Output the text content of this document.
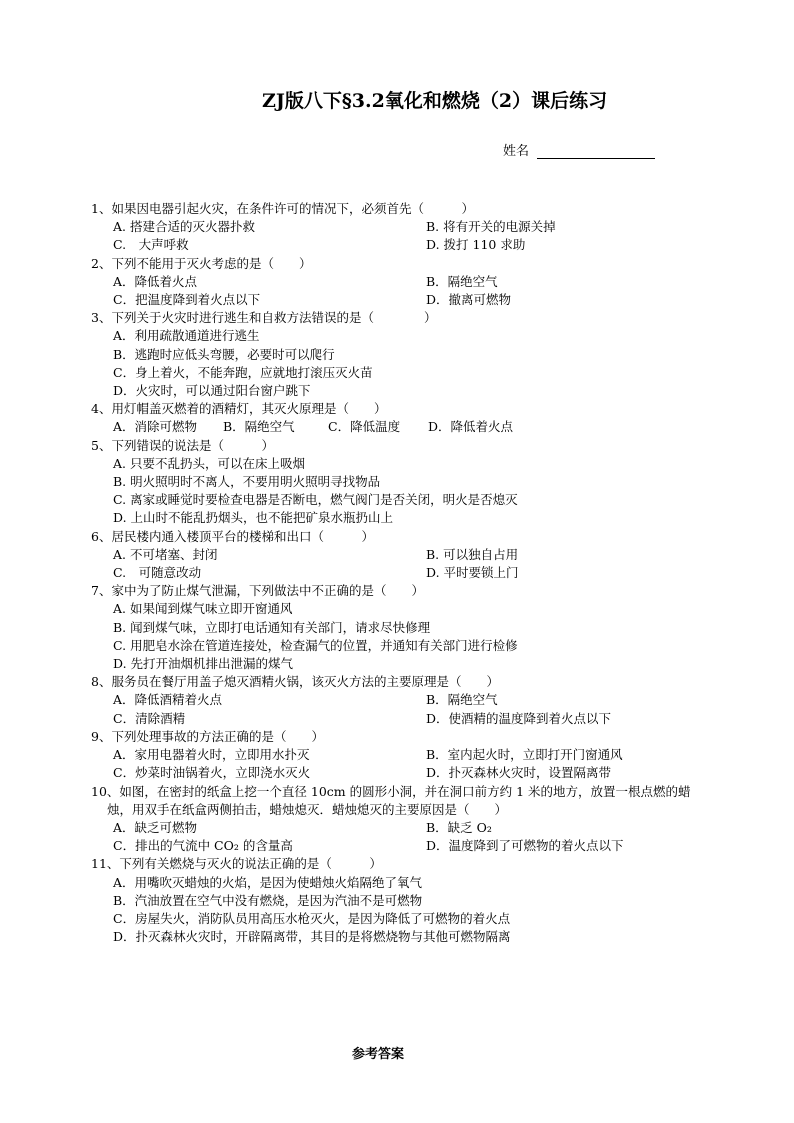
ZJ版八下§3.2氧化和燃烧（2）课后练习
姓名
1、如果因电器引起火灾，在条件许可的情况下，必须首先（　　　）
A. 搭建合适的灭火器扑救	B. 将有开关的电源关掉
C.　大声呼救	D. 拨打 110 求助
2、下列不能用于灭火考虑的是（　　）
A．降低着火点	B．隔绝空气
C．把温度降到着火点以下	D．撤离可燃物
3、下列关于火灾时进行逃生和自救方法错误的是（　　　　）
A．利用疏散通道进行逃生
B．逃跑时应低头弯腰，必要时可以爬行
C．身上着火，不能奔跑，应就地打滚压灭火苗
D．火灾时，可以通过阳台窗户跳下
4、用灯帽盖灭燃着的酒精灯，其灭火原理是（　　）
A．消除可燃物	B．隔绝空气	C．降低温度	D．降低着火点
5、下列错误的说法是（　　　）
A. 只要不乱扔头，可以在床上吸烟
B. 明火照明时不离人，不要用明火照明寻找物品
C. 离家或睡觉时要检查电器是否断电，燃气阀门是否关闭，明火是否熄灭
D. 上山时不能乱扔烟头，也不能把矿泉水瓶扔山上
6、居民楼内通入楼顶平台的楼梯和出口（　　　）
A. 不可堵塞、封闭	B. 可以独自占用
C.　可随意改动	D. 平时要锁上门
7、家中为了防止煤气泄漏，下列做法中不正确的是（　　）
A. 如果闻到煤气味立即开窗通风
B. 闻到煤气味，立即打电话通知有关部门，请求尽快修理
C. 用肥皂水涂在管道连接处，检查漏气的位置，并通知有关部门进行检修
D. 先打开油烟机排出泄漏的煤气
8、服务员在餐厅用盖子熄灭酒精火锅，该灭火方法的主要原理是（　　）
A．降低酒精着火点	B．隔绝空气
C．清除酒精	D．使酒精的温度降到着火点以下
9、下列处理事故的方法正确的是（　　）
A．家用电器着火时，立即用水扑灭	B．室内起火时，立即打开门窗通风
C．炒菜时油锅着火，立即浇水灭火	D．扑灭森林火灾时，设置隔离带
10、如图，在密封的纸盒上挖一个直径 10cm 的圆形小洞，并在洞口前方约 1 米的地方，放置一根点燃的蜡烛，用双手在纸盒两侧拍击，蜡烛熄灭．蜡烛熄灭的主要原因是（　　）
A．缺乏可燃物	B．缺乏 O₂
C．排出的气流中 CO₂ 的含量高	D．温度降到了可燃物的着火点以下
11、下列有关燃烧与灭火的说法正确的是（　　　）
A．用嘴吹灭蜡烛的火焰，是因为使蜡烛火焰隔绝了氧气
B．汽油放置在空气中没有燃烧，是因为汽油不是可燃物
C．房屋失火，消防队员用高压水枪灭火，是因为降低了可燃物的着火点
D．扑灭森林火灾时，开辟隔离带，其目的是将燃烧物与其他可燃物隔离
参考答案
